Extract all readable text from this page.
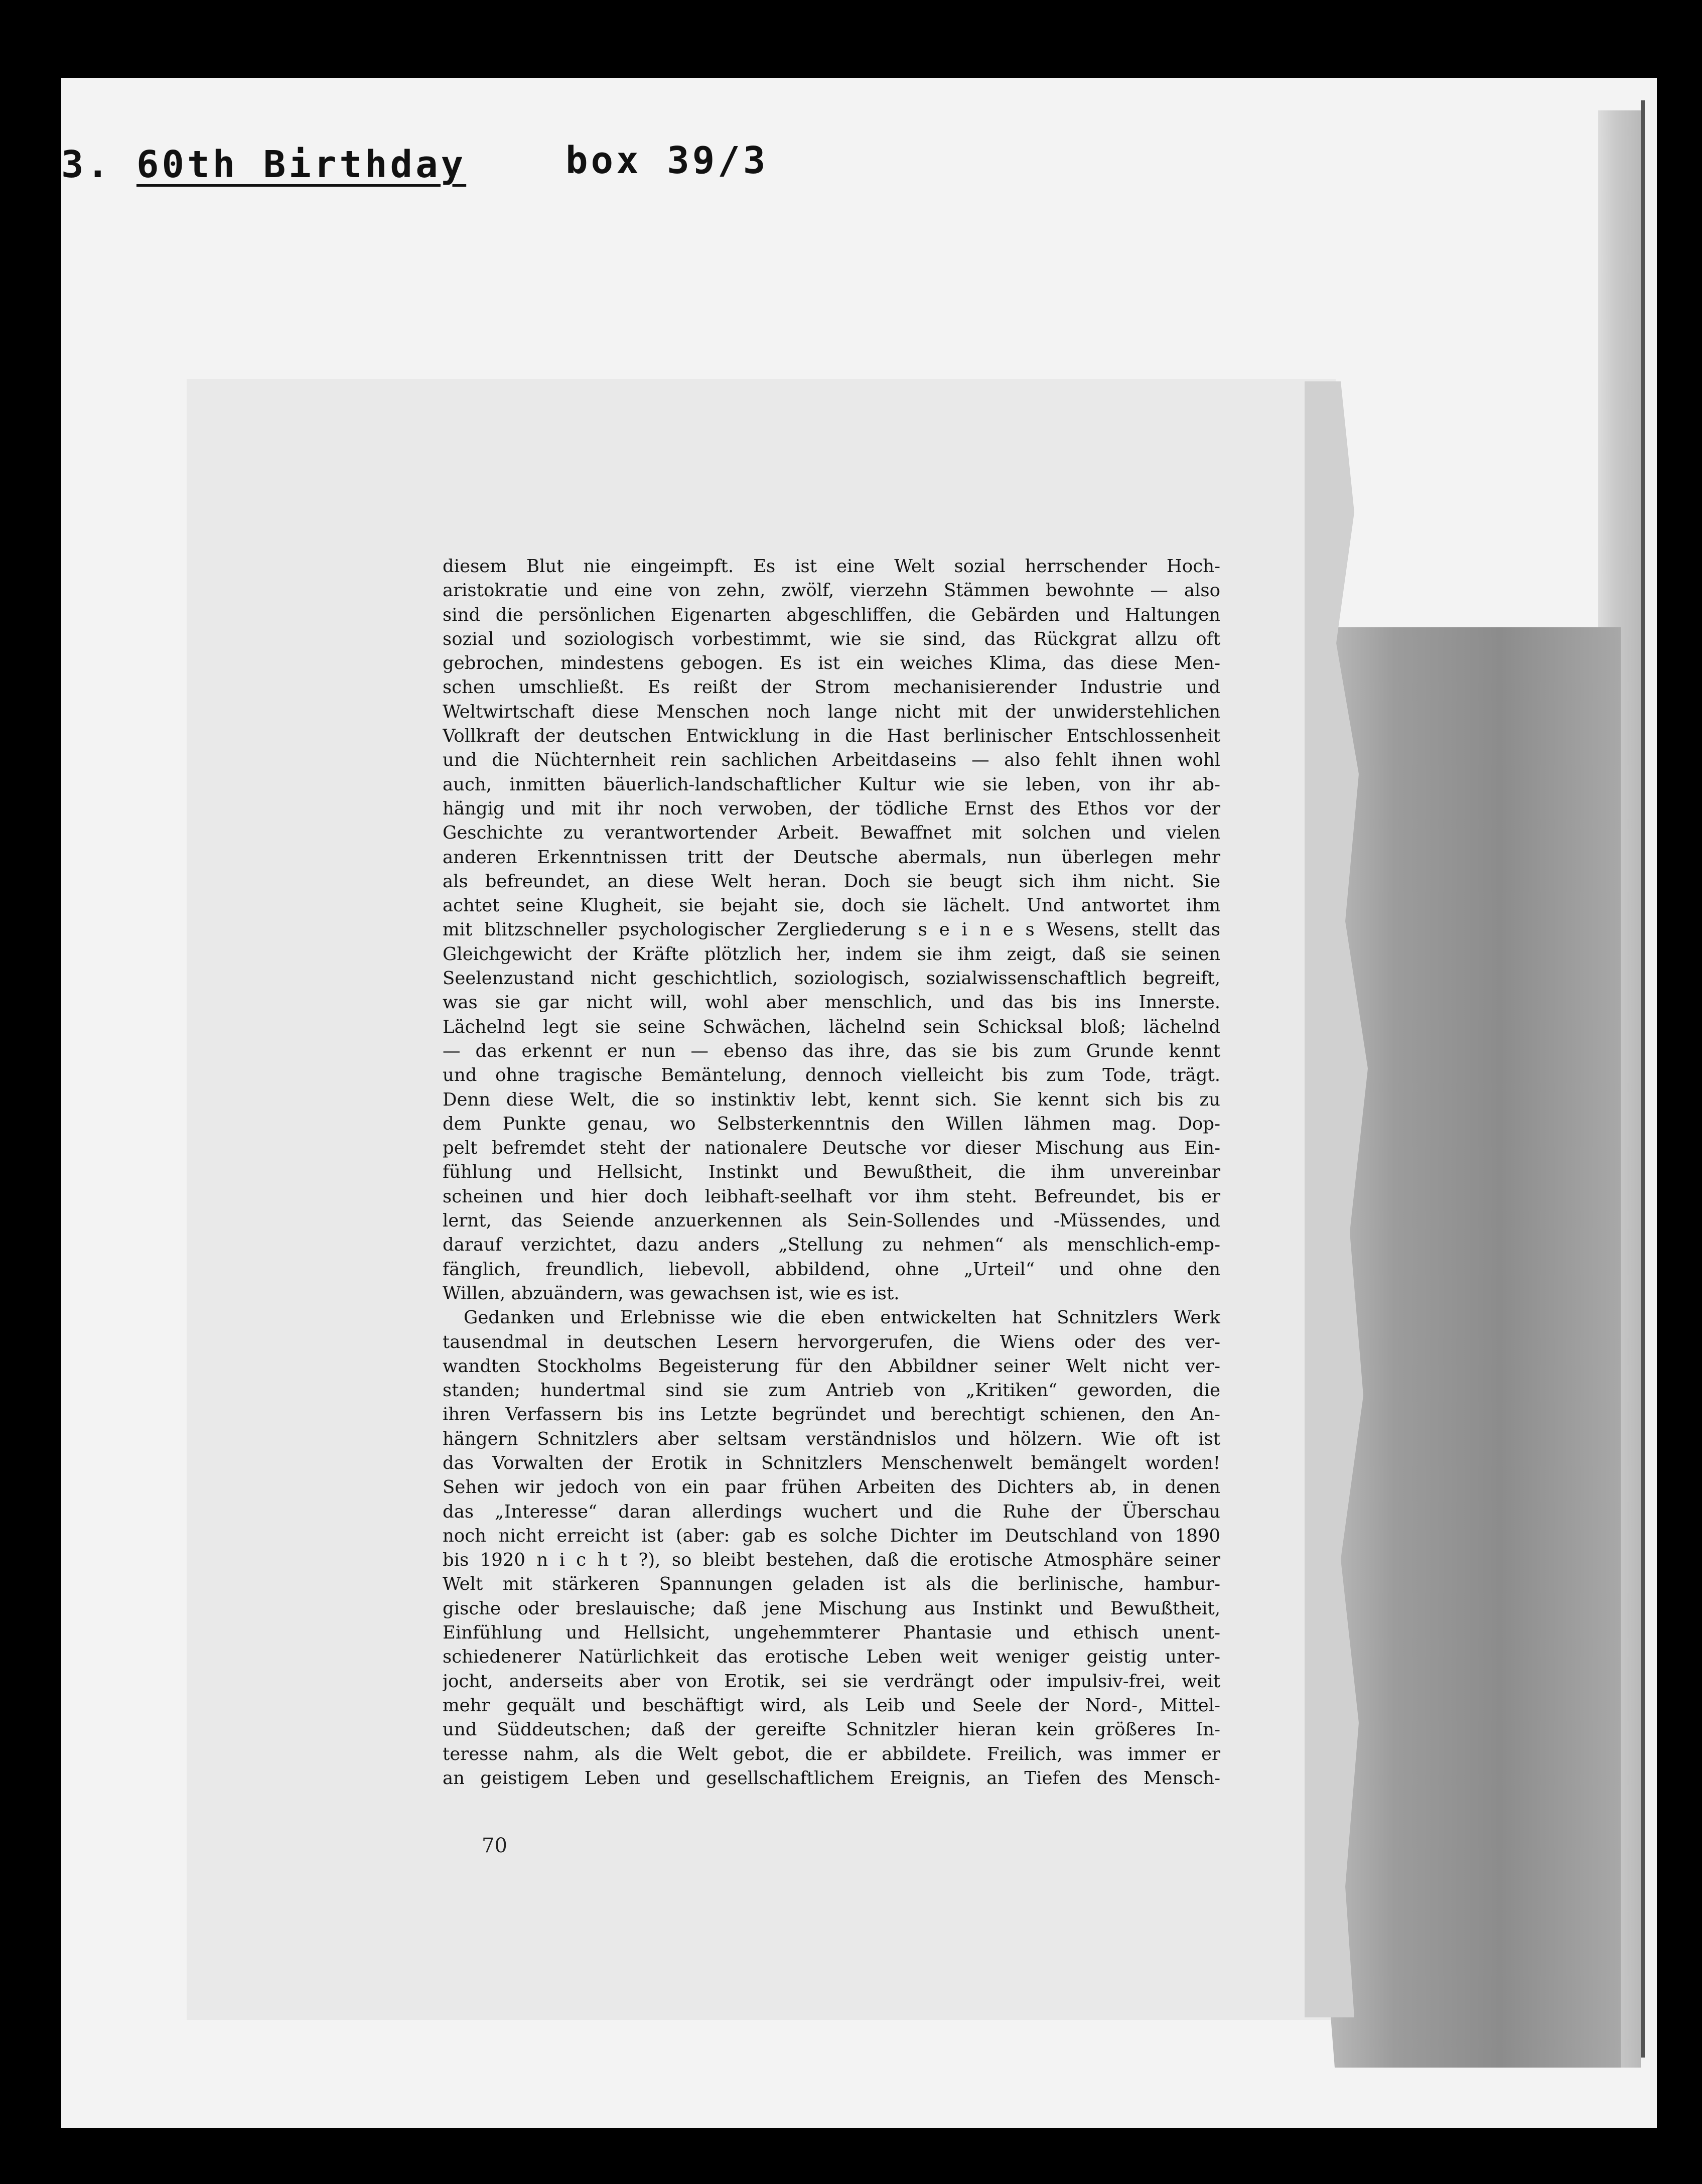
3. 60th Birthday	box 39/3
diesem Blut nie eingeimpft. Es ist eine Welt sozial herrschender Hoch-
aristokratie und eine von zehn, zwölf, vierzehn Stämmen bewohnte — also
sind die persönlichen Eigenarten abgeschliffen, die Gebärden und Haltungen
sozial und soziologisch vorbestimmt, wie sie sind, das Rückgrat allzu oft
gebrochen, mindestens gebogen. Es ist ein weiches Klima, das diese Men-
schen umschließt. Es reißt der Strom mechanisierender Industrie und
Weltwirtschaft diese Menschen noch lange nicht mit der unwiderstehlichen
Vollkraft der deutschen Entwicklung in die Hast berlinischer Entschlossenheit
und die Nüchternheit rein sachlichen Arbeitdaseins — also fehlt ihnen wohl
auch, inmitten bäuerlich-landschaftlicher Kultur wie sie leben, von ihr ab-
hängig und mit ihr noch verwoben, der tödliche Ernst des Ethos vor der
Geschichte zu verantwortender Arbeit. Bewaffnet mit solchen und vielen
anderen Erkenntnissen tritt der Deutsche abermals, nun überlegen mehr
als befreundet, an diese Welt heran. Doch sie beugt sich ihm nicht. Sie
achtet seine Klugheit, sie bejaht sie, doch sie lächelt. Und antwortet ihm
mit blitzschneller psychologischer Zergliederung s e i n e s Wesens, stellt das
Gleichgewicht der Kräfte plötzlich her, indem sie ihm zeigt, daß sie seinen
Seelenzustand nicht geschichtlich, soziologisch, sozialwissenschaftlich begreift,
was sie gar nicht will, wohl aber menschlich, und das bis ins Innerste.
Lächelnd legt sie seine Schwächen, lächelnd sein Schicksal bloß; lächelnd
— das erkennt er nun — ebenso das ihre, das sie bis zum Grunde kennt
und ohne tragische Bemäntelung, dennoch vielleicht bis zum Tode, trägt.
Denn diese Welt, die so instinktiv lebt, kennt sich. Sie kennt sich bis zu
dem Punkte genau, wo Selbsterkenntnis den Willen lähmen mag. Dop-
pelt befremdet steht der nationalere Deutsche vor dieser Mischung aus Ein-
fühlung und Hellsicht, Instinkt und Bewußtheit, die ihm unvereinbar
scheinen und hier doch leibhaft-seelhaft vor ihm steht. Befreundet, bis er
lernt, das Seiende anzuerkennen als Sein-Sollendes und -Müssendes, und
darauf verzichtet, dazu anders „Stellung zu nehmen“ als menschlich-emp-
fänglich, freundlich, liebevoll, abbildend, ohne „Urteil“ und ohne den
Willen, abzuändern, was gewachsen ist, wie es ist.
Gedanken und Erlebnisse wie die eben entwickelten hat Schnitzlers Werk
tausendmal in deutschen Lesern hervorgerufen, die Wiens oder des ver-
wandten Stockholms Begeisterung für den Abbildner seiner Welt nicht ver-
standen; hundertmal sind sie zum Antrieb von „Kritiken“ geworden, die
ihren Verfassern bis ins Letzte begründet und berechtigt schienen, den An-
hängern Schnitzlers aber seltsam verständnislos und hölzern. Wie oft ist
das Vorwalten der Erotik in Schnitzlers Menschenwelt bemängelt worden!
Sehen wir jedoch von ein paar frühen Arbeiten des Dichters ab, in denen
das „Interesse“ daran allerdings wuchert und die Ruhe der Überschau
noch nicht erreicht ist (aber: gab es solche Dichter im Deutschland von 1890
bis 1920 n i c h t ?), so bleibt bestehen, daß die erotische Atmosphäre seiner
Welt mit stärkeren Spannungen geladen ist als die berlinische, hambur-
gische oder breslauische; daß jene Mischung aus Instinkt und Bewußtheit,
Einfühlung und Hellsicht, ungehemmterer Phantasie und ethisch unent-
schiedenerer Natürlichkeit das erotische Leben weit weniger geistig unter-
jocht, anderseits aber von Erotik, sei sie verdrängt oder impulsiv-frei, weit
mehr gequält und beschäftigt wird, als Leib und Seele der Nord-, Mittel-
und Süddeutschen; daß der gereifte Schnitzler hieran kein größeres In-
teresse nahm, als die Welt gebot, die er abbildete. Freilich, was immer er
an geistigem Leben und gesellschaftlichem Ereignis, an Tiefen des Mensch-
70
